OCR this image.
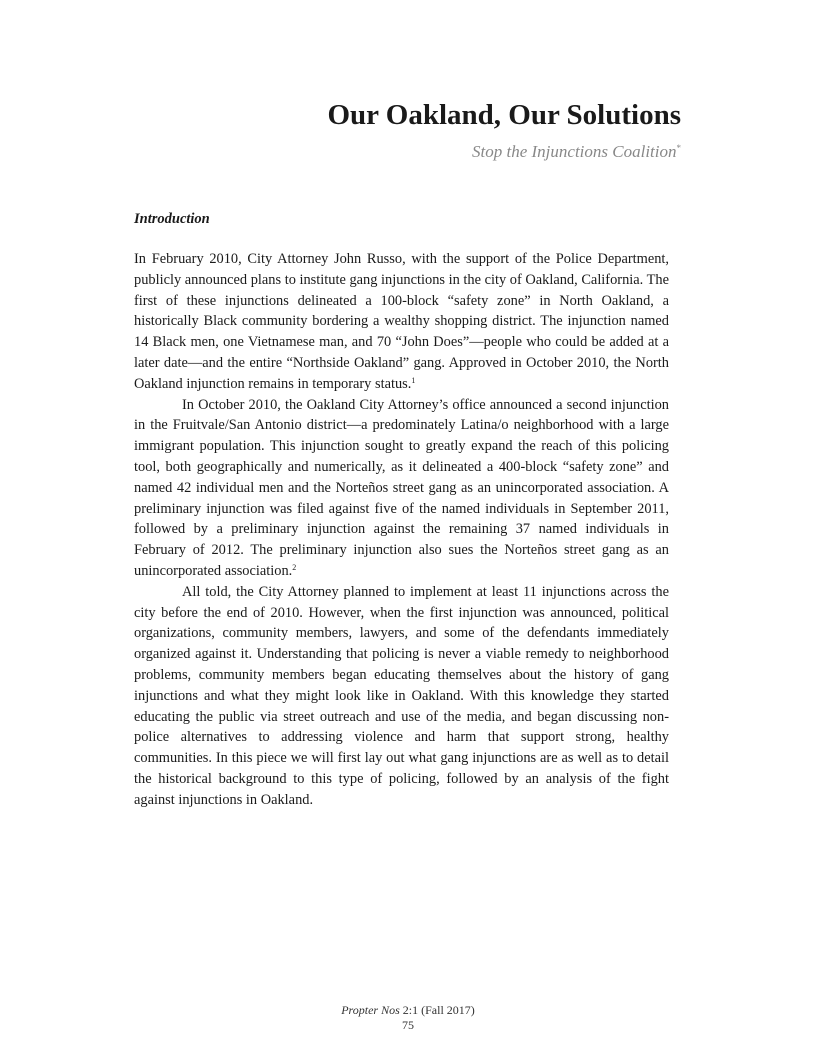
Our Oakland, Our Solutions
Stop the Injunctions Coalition*
Introduction

In February 2010, City Attorney John Russo, with the support of the Police Department, publicly announced plans to institute gang injunctions in the city of Oakland, California. The first of these injunctions delineated a 100-block “safety zone” in North Oakland, a historically Black community bordering a wealthy shopping district. The injunction named 14 Black men, one Vietnamese man, and 70 “John Does”—people who could be added at a later date—and the entire “Northside Oakland” gang. Approved in October 2010, the North Oakland injunction remains in temporary status.$^1$

In October 2010, the Oakland City Attorney’s office announced a second injunction in the Fruitvale/San Antonio district—a predominately Latina/o neighborhood with a large immigrant population. This injunction sought to greatly expand the reach of this policing tool, both geographically and numerically, as it delineated a 400-block “safety zone” and named 42 individual men and the Norteños street gang as an unincorporated association. A preliminary injunction was filed against five of the named individuals in September 2011, followed by a preliminary injunction against the remaining 37 named individuals in February of 2012. The preliminary injunction also sues the Norteños street gang as an unincorporated association.$^2$

All told, the City Attorney planned to implement at least 11 injunctions across the city before the end of 2010. However, when the first injunction was announced, political organizations, community members, lawyers, and some of the defendants immediately organized against it. Understanding that policing is never a viable remedy to neighborhood problems, community members began educating themselves about the history of gang injunctions and what they might look like in Oakland. With this knowledge they started educating the public via street outreach and use of the media, and began discussing non-police alternatives to addressing violence and harm that support strong, healthy communities. In this piece we will first lay out what gang injunctions are as well as to detail the historical background to this type of policing, followed by an analysis of the fight against injunctions in Oakland.

Propter Nos 2:1 (Fall 2017)
75
